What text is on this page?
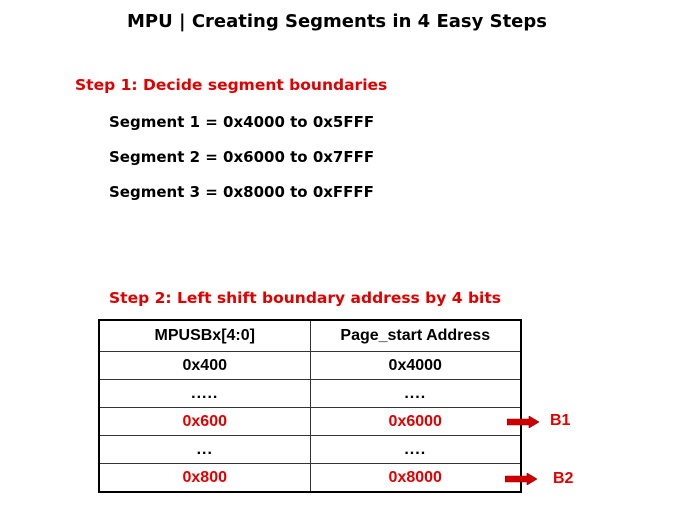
MPU | Creating Segments in 4 Easy Steps
Step 1: Decide segment boundaries
Segment 1 = 0x4000 to 0x5FFF
Segment 2 = 0x6000 to 0x7FFF
Segment 3 = 0x8000 to 0xFFFF
Step 2: Left shift boundary address by 4 bits
MPUSBx[4:0]	Page_start Address
0x400	0x4000
.....	....
0x600	0x6000
...	....
0x800	0x8000
B1
B2
